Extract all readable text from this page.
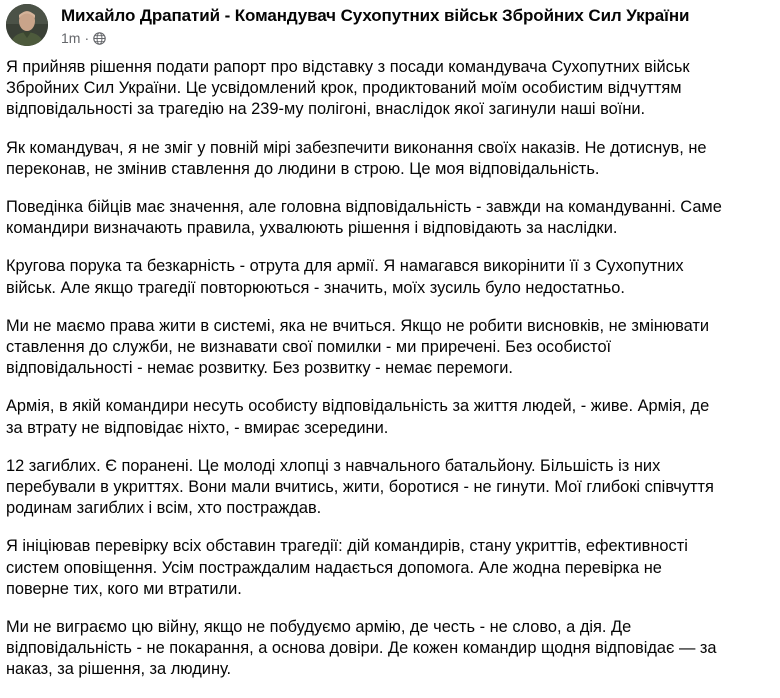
Михайло Драпатий - Командувач Сухопутних військ Збройних Сил України
1m ·

Я прийняв рішення подати рапорт про відставку з посади командувача Сухопутних військ
Збройних Сил України. Це усвідомлений крок, продиктований моїм особистим відчуттям
відповідальності за трагедію на 239-му полігоні, внаслідок якої загинули наші воїни.

Як командувач, я не зміг у повній мірі забезпечити виконання своїх наказів. Не дотиснув, не
переконав, не змінив ставлення до людини в строю. Це моя відповідальність.

Поведінка бійців має значення, але головна відповідальність - завжди на командуванні. Саме
командири визначають правила, ухвалюють рішення і відповідають за наслідки.

Кругова порука та безкарність - отрута для армії. Я намагався викорінити її з Сухопутних
військ. Але якщо трагедії повторюються - значить, моїх зусиль було недостатньо.

Ми не маємо права жити в системі, яка не вчиться. Якщо не робити висновків, не змінювати
ставлення до служби, не визнавати свої помилки - ми приречені. Без особистої
відповідальності - немає розвитку. Без розвитку - немає перемоги.

Армія, в якій командири несуть особисту відповідальність за життя людей, - живе. Армія, де
за втрату не відповідає ніхто, - вмирає зсередини.

12 загиблих. Є поранені. Це молоді хлопці з навчального батальйону. Більшість із них
перебували в укриттях. Вони мали вчитись, жити, боротися - не гинути. Мої глибокі співчуття
родинам загиблих і всім, хто постраждав.

Я ініціював перевірку всіх обставин трагедії: дій командирів, стану укриттів, ефективності
систем оповіщення. Усім постраждалим надається допомога. Але жодна перевірка не
поверне тих, кого ми втратили.

Ми не виграємо цю війну, якщо не побудуємо армію, де честь - не слово, а дія. Де
відповідальність - не покарання, а основа довіри. Де кожен командир щодня відповідає — за
наказ, за рішення, за людину.
